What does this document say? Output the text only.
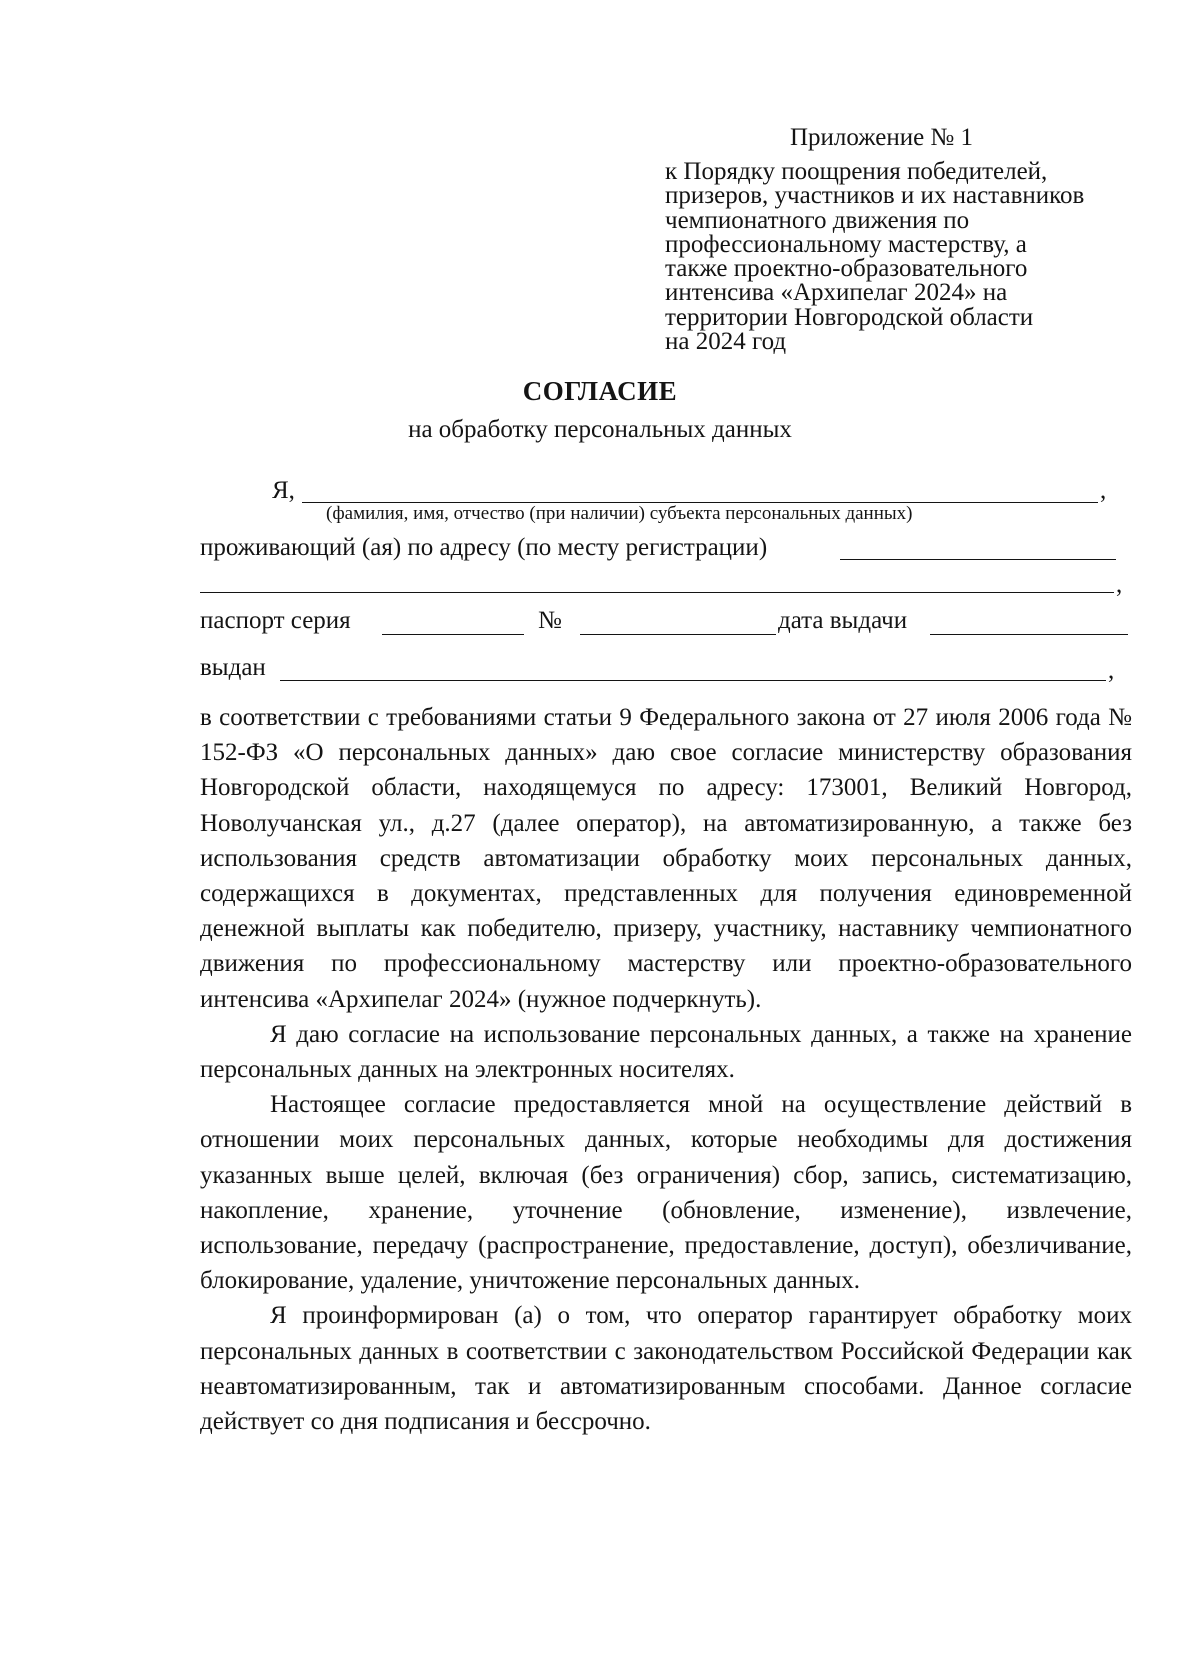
Приложение № 1
к Порядку поощрения победителей,
призеров, участников и их наставников
чемпионатного движения по
профессиональному мастерству, а
также проектно-образовательного
интенсива «Архипелаг 2024» на
территории Новгородской области
на 2024 год
СОГЛАСИЕ
на обработку персональных данных
Я,	,
(фамилия, имя, отчество (при наличии) субъекта персональных данных)
проживающий (ая) по адресу (по месту регистрации)
,
паспорт серия	№	дата выдачи
выдан	,

в соответствии с требованиями статьи 9 Федерального закона от 27 июля 2006 года № 152-ФЗ «О персональных данных» даю свое согласие министерству образования Новгородской области, находящемуся по адресу: 173001, Великий Новгород, Новолучанская ул., д.27 (далее оператор), на автоматизированную, а также без использования средств автоматизации обработку моих персональных данных, содержащихся в документах, представленных для получения единовременной денежной выплаты как победителю, призеру, участнику, наставнику чемпионатного движения по профессиональному мастерству или проектно-образовательного интенсива «Архипелаг 2024» (нужное подчеркнуть).

Я даю согласие на использование персональных данных, а также на хранение персональных данных на электронных носителях.

Настоящее согласие предоставляется мной на осуществление действий в отношении моих персональных данных, которые необходимы для достижения указанных выше целей, включая (без ограничения) сбор, запись, систематизацию, накопление, хранение, уточнение (обновление, изменение), извлечение, использование, передачу (распространение, предоставление, доступ), обезличивание, блокирование, удаление, уничтожение персональных данных.

Я проинформирован (а) о том, что оператор гарантирует обработку моих персональных данных в соответствии с законодательством Российской Федерации как неавтоматизированным, так и автоматизированным способами. Данное согласие действует со дня подписания и бессрочно.
